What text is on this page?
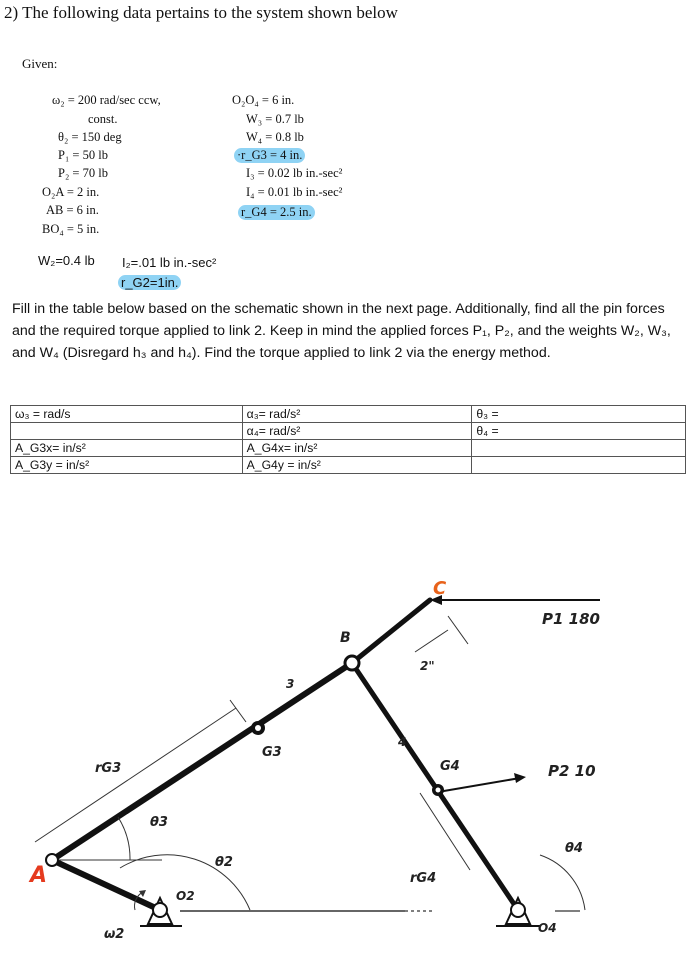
2) The following data pertains to the system shown below
Given:
ω₂ = 200 rad/sec ccw,
const.
θ₂ = 150 deg
P₁ = 50 lb
P₂ = 70 lb
O₂A = 2 in.
AB = 6 in.
BO₄ = 5 in.
O₂O₄ = 6 in.
W₃ = 0.7 lb
W₄ = 0.8 lb
·r_G3 = 4 in.
I₃ = 0.02 lb in.-sec²
I₄ = 0.01 lb in.-sec²
r_G4 = 2.5 in.
W₂=0.4 lb I₂=.01 lb in.-sec²
r_G2=1in.
Fill in the table below based on the schematic shown in the next page. Additionally, find all the pin forces and the required torque applied to link 2. Keep in mind the applied forces P₁, P₂, and the weights W₂, W₃, and W₄ (Disregard h₃ and h₄). Find the torque applied to link 2 via the energy method.
ω₃ = rad/s	α₃= rad/s²	θ₃ =
	α₄= rad/s²	θ₄ =
A_G3x= in/s²	A_G4x= in/s²	
A_G3y = in/s²	A_G4y = in/s²	
A
B
C
3
4
G3
G4
rG3
rG4
θ3
θ2
θ4
O2
O4
ω2
2"
P1 180
P2 10
